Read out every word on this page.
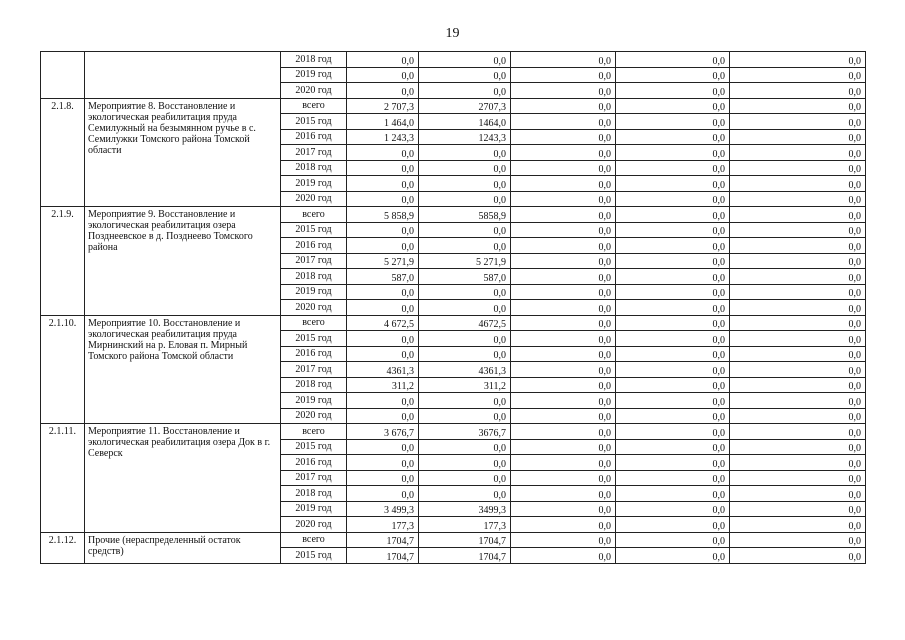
19
		2018 год	0,0	0,0	0,0	0,0	0,0
		2019 год	0,0	0,0	0,0	0,0	0,0
		2020 год	0,0	0,0	0,0	0,0	0,0
2.1.8.	Мероприятие 8. Восстановление и экологическая реабилитация пруда Семилужный на безымянном ручье в с. Семилужки Томского района Томской области	всего	2 707,3	2707,3	0,0	0,0	0,0
		2015 год	1 464,0	1464,0	0,0	0,0	0,0
		2016 год	1 243,3	1243,3	0,0	0,0	0,0
		2017 год	0,0	0,0	0,0	0,0	0,0
		2018 год	0,0	0,0	0,0	0,0	0,0
		2019 год	0,0	0,0	0,0	0,0	0,0
		2020 год	0,0	0,0	0,0	0,0	0,0
2.1.9.	Мероприятие 9. Восстановление и экологическая реабилитация озера Позднеевское в д. Позднеево Томского района	всего	5 858,9	5858,9	0,0	0,0	0,0
		2015 год	0,0	0,0	0,0	0,0	0,0
		2016 год	0,0	0,0	0,0	0,0	0,0
		2017 год	5 271,9	5 271,9	0,0	0,0	0,0
		2018 год	587,0	587,0	0,0	0,0	0,0
		2019 год	0,0	0,0	0,0	0,0	0,0
		2020 год	0,0	0,0	0,0	0,0	0,0
2.1.10.	Мероприятие 10. Восстановление и экологическая реабилитация пруда Мирнинский на р. Еловая п. Мирный Томского района Томской области	всего	4 672,5	4672,5	0,0	0,0	0,0
		2015 год	0,0	0,0	0,0	0,0	0,0
		2016 год	0,0	0,0	0,0	0,0	0,0
		2017 год	4361,3	4361,3	0,0	0,0	0,0
		2018 год	311,2	311,2	0,0	0,0	0,0
		2019 год	0,0	0,0	0,0	0,0	0,0
		2020 год	0,0	0,0	0,0	0,0	0,0
2.1.11.	Мероприятие 11. Восстановление и экологическая реабилитация озера Док в г. Северск	всего	3 676,7	3676,7	0,0	0,0	0,0
		2015 год	0,0	0,0	0,0	0,0	0,0
		2016 год	0,0	0,0	0,0	0,0	0,0
		2017 год	0,0	0,0	0,0	0,0	0,0
		2018 год	0,0	0,0	0,0	0,0	0,0
		2019 год	3 499,3	3499,3	0,0	0,0	0,0
		2020 год	177,3	177,3	0,0	0,0	0,0
2.1.12.	Прочие (нераспределенный остаток средств)	всего	1704,7	1704,7	0,0	0,0	0,0
		2015 год	1704,7	1704,7	0,0	0,0	0,0
